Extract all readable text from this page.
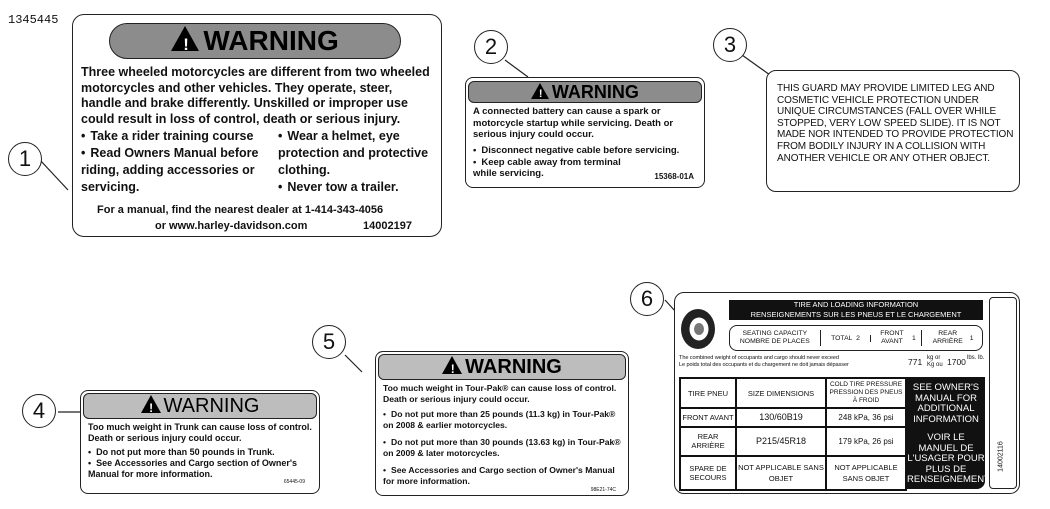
1345445
1
2	3
4
5
6
!WARNING
Three wheeled motorcycles are different from two wheeled motorcycles and other vehicles. They operate, steer, handle and brake differently. Unskilled or improper use could result in loss of control, death or serious injury.
• Take a rider training course
• Read Owners Manual before riding, adding accessories or servicing.
• Wear a helmet, eye protection and protective clothing.
• Never tow a trailer.
For a manual, find the nearest dealer at 1-414-343-4056
or www.harley-davidson.com	14002197
!WARNING
A connected battery can cause a spark or motorcycle startup while servicing. Death or serious injury could occur.
• Disconnect negative cable before servicing.
• Keep cable away from terminal while servicing.	15368-01A
THIS GUARD MAY PROVIDE LIMITED LEG AND COSMETIC VEHICLE PROTECTION UNDER UNIQUE CIRCUMSTANCES (FALL OVER WHILE STOPPED, VERY LOW SPEED SLIDE). IT IS NOT MADE NOR INTENDED TO PROVIDE PROTECTION FROM BODILY INJURY IN A COLLISION WITH ANOTHER VEHICLE OR ANY OTHER OBJECT.
!WARNING
Too much weight in Trunk can cause loss of control. Death or serious injury could occur.
• Do not put more than 50 pounds in Trunk.
• See Accessories and Cargo section of Owner's Manual for more information.
65445-09
!WARNING
Too much weight in Tour-Pak® can cause loss of control. Death or serious injury could occur.
• Do not put more than 25 pounds (11.3 kg) in Tour-Pak® on 2008 & earlier motorcycles.
• Do not put more than 30 pounds (13.63 kg) in Tour-Pak® on 2009 & later motorcycles.
• See Accessories and Cargo section of Owner's Manual for more information.
98E21-74C
TIRE AND LOADING INFORMATION
RENSEIGNEMENTS SUR LES PNEUS ET LE CHARGEMENT
SEATING CAPACITY NOMBRE DE PLACES	TOTAL 2
FRONT AVANT	1
REAR ARRIÈRE 1
The combined weight of occupants and cargo should never exceed
Le poids total des occupants et du chargement ne doit jamais dépasser	771 kg or Kg ou 1700 lbs. lb.
TIRE PNEU	SIZE DIMENSIONS	COLD TIRE PRESSURE PRESSION DES PNEUS À FROID
FRONT AVANT	130/60B19	248 kPa, 36 psi
REAR ARRIÈRE	P215/45R18	179 kPa, 26 psi
SPARE DE SECOURS	NOT APPLICABLE SANS OBJET	NOT APPLICABLE SANS OBJET
SEE OWNER'S MANUAL FOR ADDITIONAL INFORMATION
VOIR LE MANUEL DE L'USAGER POUR PLUS DE RENSEIGNEMENTS
14002116
